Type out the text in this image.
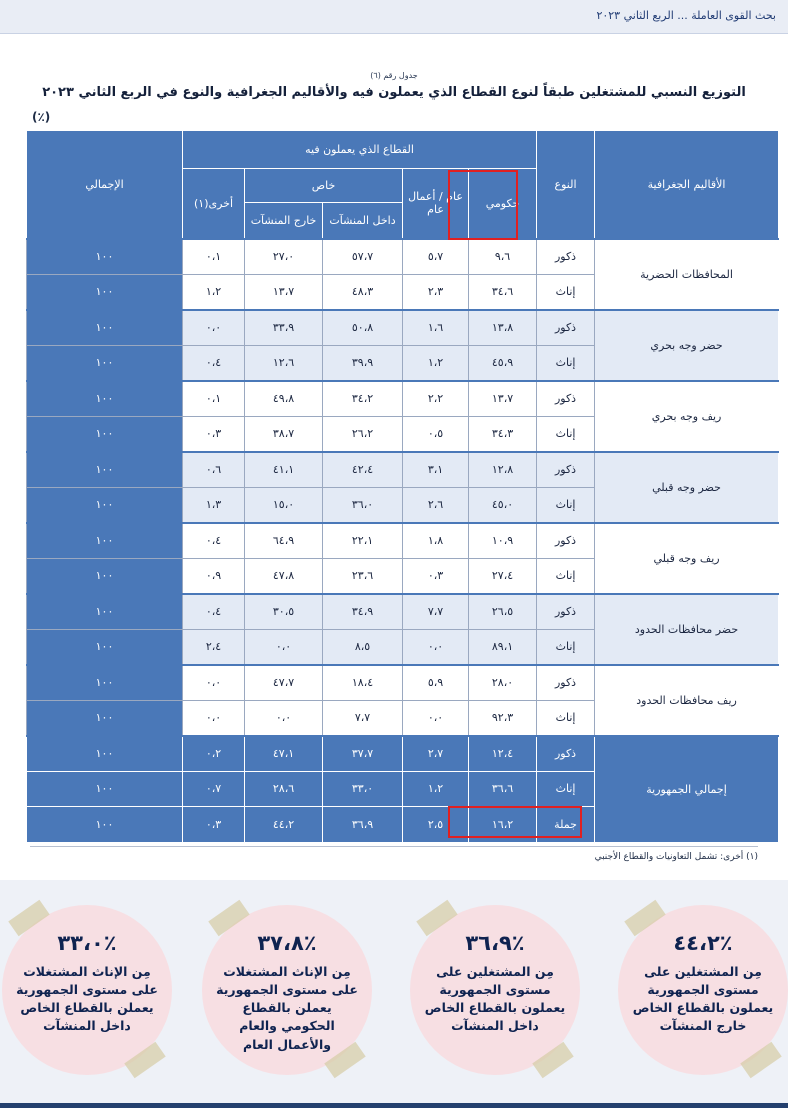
بحث القوى العاملة ... الربع الثاني ٢٠٢٣
جدول رقم (٦)
التوزيع النسبي للمشتغلين طبقاً لنوع القطاع الذي يعملون فيه والأقاليم الجغرافية والنوع في الربع الثاني ٢٠٢٣
(٪)
الأقاليم الجغرافية	النوع	القطاع الذي يعملون فيه					الإجمالي
		حكومي	عام / أعمال عام	خاص		أخرى(١)	
				داخل المنشآت	خارج المنشآت		
المحافظات الحضرية	ذكور	٩،٦	٥،٧	٥٧،٧	٢٧،٠	٠،١	١٠٠
	إناث	٣٤،٦	٢،٣	٤٨،٣	١٣،٧	١،٢	١٠٠
حضر وجه بحري	ذكور	١٣،٨	١،٦	٥٠،٨	٣٣،٩	٠،٠	١٠٠
	إناث	٤٥،٩	١،٢	٣٩،٩	١٢،٦	٠،٤	١٠٠
ريف وجه بحري	ذكور	١٣،٧	٢،٢	٣٤،٢	٤٩،٨	٠،١	١٠٠
	إناث	٣٤،٣	٠،٥	٢٦،٢	٣٨،٧	٠،٣	١٠٠
حضر وجه قبلي	ذكور	١٢،٨	٣،١	٤٢،٤	٤١،١	٠،٦	١٠٠
	إناث	٤٥،٠	٢،٦	٣٦،٠	١٥،٠	١،٣	١٠٠
ريف وجه قبلي	ذكور	١٠،٩	١،٨	٢٢،١	٦٤،٩	٠،٤	١٠٠
	إناث	٢٧،٤	٠،٣	٢٣،٦	٤٧،٨	٠،٩	١٠٠
حضر محافظات الحدود	ذكور	٢٦،٥	٧،٧	٣٤،٩	٣٠،٥	٠،٤	١٠٠
	إناث	٨٩،١	٠،٠	٨،٥	٠،٠	٢،٤	١٠٠
ريف محافظات الحدود	ذكور	٢٨،٠	٥،٩	١٨،٤	٤٧،٧	٠،٠	١٠٠
	إناث	٩٢،٣	٠،٠	٧،٧	٠،٠	٠،٠	١٠٠
إجمالي الجمهورية	ذكور	١٢،٤	٢،٧	٣٧،٧	٤٧،١	٠،٢	١٠٠
	إناث	٣٦،٦	١،٢	٣٣،٠	٢٨،٦	٠،٧	١٠٠
	جملة	١٦،٢	٢،٥	٣٦،٩	٤٤،٢	٠،٣	١٠٠
(١) أخرى: تشمل التعاونيات والقطاع الأجنبي
٪٤٤،٢
مِن المشتغلين على مستوى الجمهورية يعملون بالقطاع الخاص خارج المنشآت
٪٣٦،٩
مِن المشتغلين على مستوى الجمهورية يعملون بالقطاع الخاص داخل المنشآت
٪٣٧،٨
مِن الإناث المشتغلات على مستوى الجمهورية يعملن بالقطاع الحكومي والعام والأعمال العام
٪٣٣،٠
مِن الإناث المشتغلات على مستوى الجمهورية يعملن بالقطاع الخاص داخل المنشآت
